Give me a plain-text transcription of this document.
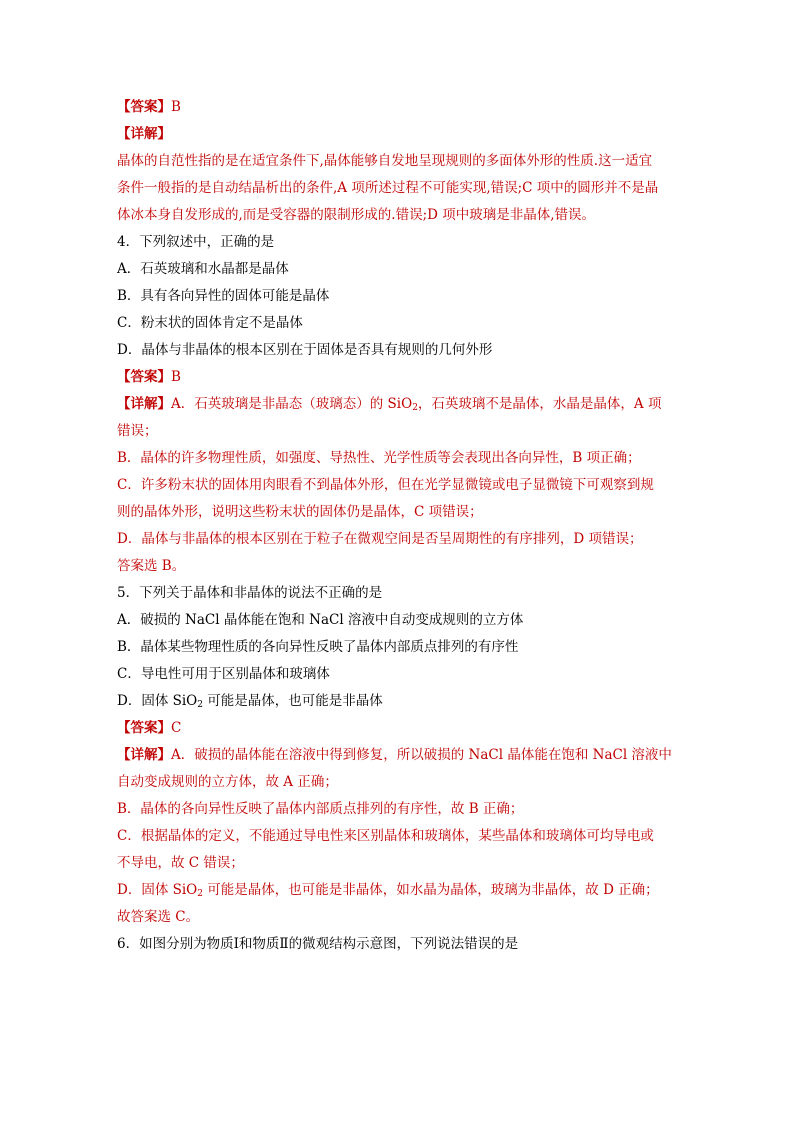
【答案】B
【详解】
晶体的自范性指的是在适宜条件下,晶体能够自发地呈现规则的多面体外形的性质.这一适宜
条件一般指的是自动结晶析出的条件,A 项所述过程不可能实现,错误;C 项中的圆形并不是晶
体冰本身自发形成的,而是受容器的限制形成的.错误;D 项中玻璃是非晶体,错误。
4．下列叙述中，正确的是
A．石英玻璃和水晶都是晶体
B．具有各向异性的固体可能是晶体
C．粉末状的固体肯定不是晶体
D．晶体与非晶体的根本区别在于固体是否具有规则的几何外形
【答案】B
【详解】A．石英玻璃是非晶态（玻璃态）的 SiO$_2$，石英玻璃不是晶体，水晶是晶体，A 项
错误；
B．晶体的许多物理性质，如强度、导热性、光学性质等会表现出各向异性，B 项正确；
C．许多粉末状的固体用肉眼看不到晶体外形，但在光学显微镜或电子显微镜下可观察到规
则的晶体外形，说明这些粉末状的固体仍是晶体，C 项错误；
D．晶体与非晶体的根本区别在于粒子在微观空间是否呈周期性的有序排列，D 项错误；
答案选 B。
5．下列关于晶体和非晶体的说法不正确的是
A．破损的 NaCl 晶体能在饱和 NaCl 溶液中自动变成规则的立方体
B．晶体某些物理性质的各向异性反映了晶体内部质点排列的有序性
C．导电性可用于区别晶体和玻璃体
D．固体 SiO$_2$ 可能是晶体，也可能是非晶体
【答案】C
【详解】A．破损的晶体能在溶液中得到修复，所以破损的 NaCl 晶体能在饱和 NaCl 溶液中
自动变成规则的立方体，故 A 正确；
B．晶体的各向异性反映了晶体内部质点排列的有序性，故 B 正确；
C．根据晶体的定义，不能通过导电性来区别晶体和玻璃体，某些晶体和玻璃体可均导电或
不导电，故 C 错误；
D．固体 SiO$_2$ 可能是晶体，也可能是非晶体，如水晶为晶体，玻璃为非晶体，故 D 正确；
故答案选 C。
6．如图分别为物质Ⅰ和物质Ⅱ的微观结构示意图，下列说法错误的是
